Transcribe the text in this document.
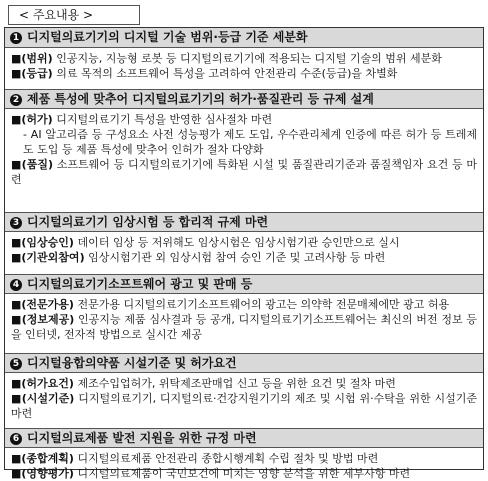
< 주요내용 >
1 디지털의료기기의 디지털 기술 범위·등급 기준 세분화

■(범위) 인공지능, 지능형 로봇 등 디지털의료기기에 적용되는 디지털 기술의 범위 세분화

■(등급) 의료 목적의 소프트웨어 특성을 고려하여 안전관리 수준(등급)을 차별화

2 제품 특성에 맞추어 디지털의료기기의 허가·품질관리 등 규제 설계

■(허가) 디지털의료기기 특성을 반영한 심사절차 마련

- AI 알고리즘 등 구성요소 사전 성능평가 제도 도입, 우수관리체계 인증에 따른 허가 등 트레제도 도입 등 제품 특성에 맞추어 인허가 절차 다양화

■(품질) 소프트웨어 등 디지털의료기기에 특화된 시설 및 품질관리기준과 품질책임자 요건 등 마련

3 디지털의료기기 임상시험 등 합리적 규제 마련

■(임상승인) 데이터 임상 등 저위해도 임상시험은 임상시험기관 승인만으로 실시

■(기관외참여) 임상시험기관 외 임상시험 참여 승인 기준 및 고려사항 등 마련

4 디지털의료기기소프트웨어 광고 및 판매 등

■(전문가용) 전문가용 디지털의료기기소프트웨어의 광고는 의약학 전문매체에만 광고 허용

■(정보제공) 인공지능 제품 심사결과 등 공개, 디지털의료기기소프트웨어는 최신의 버전 정보 등을 인터넷, 전자적 방법으로 실시간 제공

5 디지털융합의약품 시설기준 및 허가요건

■(허가요건) 제조수입업허가, 위탁제조판매업 신고 등을 위한 요건 및 절차 마련

■(시설기준) 디지털의료기기, 디지털의료·건강지원기기의 제조 및 시험 위·수탁을 위한 시설기준 마련

6 디지털의료제품 발전 지원을 위한 규정 마련

■(종합계획) 디지털의료제품 안전관리 종합시행계획 수립 절차 및 방법 마련

■(영향평가) 디지털의료제품이 국민보건에 미치는 영향 분석을 위한 세부사항 마련
